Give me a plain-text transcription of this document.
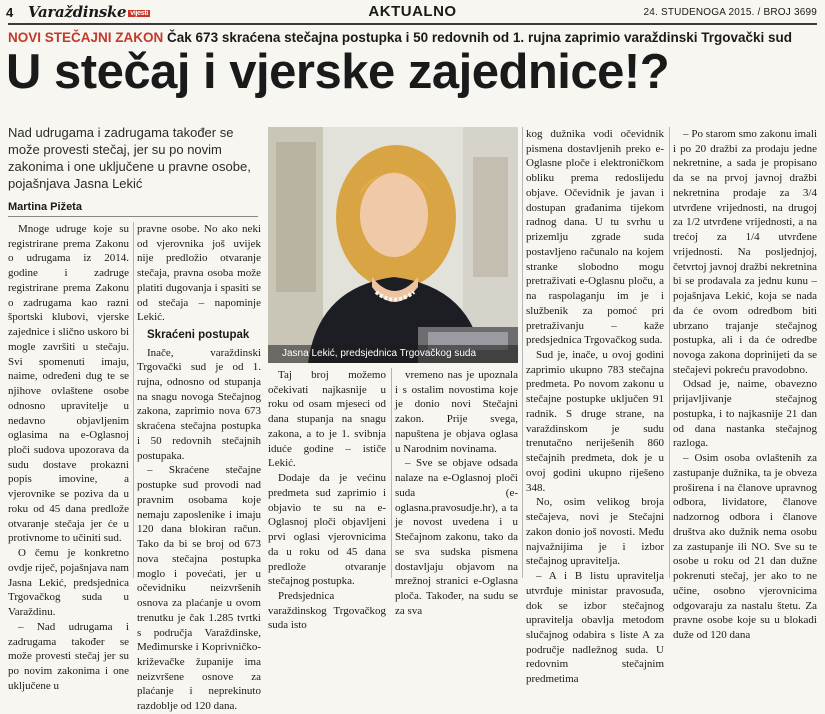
4 Varaždinske vijesti	AKTUALNO	24. STUDENOGA 2015. / BROJ 3699
NOVI STEČAJNI ZAKON Čak 673 skraćena stečajna postupka i 50 redovnih od 1. rujna zaprimio varaždinski Trgovački sud
U stečaj i vjerske zajednice!?
Nad udrugama i zadrugama također se može provesti stečaj, jer su po novim zakonima i one uključene u pravne osobe, pojašnjava Jasna Lekić
Martina Pižeta

Mnoge udruge koje su registrirane prema Zakonu o udrugama iz 2014. godine i zadruge registrirane prema Zakonu o zadrugama kao razni športski klubovi, vjerske zajednice i slično uskoro bi mogle završiti u stečaju. Svi spomenuti imaju, naime, određeni dug te se njihove ovlaštene osobe odnosno upravitelje u nedavno objavljenim oglasima na e-Oglasnoj ploči sudova upozorava da sudu dostave prokazni popis imovine, a vjerovnike se poziva da u roku od 45 dana predlože otvaranje stečaja jer će u protivnome to učiniti sud.

O čemu je konkretno ovdje riječ, pojašnjava nam Jasna Lekić, predsjednica Trgovačkog suda u Varaždinu.

– Nad udrugama i zadrugama također se može provesti stečaj jer su po novim zakonima i one uključene u

pravne osobe. No ako neki od vjerovnika još uvijek nije predložio otvaranje stečaja, pravna osoba može platiti dugovanja i spasiti se od stečaja – napominje Lekić.

Skraćeni postupak

Inače, varaždinski Trgovački sud je od 1. rujna, odnosno od stupanja na snagu novoga Stečajnog zakona, zaprimio nova 673 skraćena stečajna postupka i 50 redovnih stečajnih postupaka.

– Skraćene stečajne postupke sud provodi nad pravnim osobama koje nemaju zaposlenike i imaju 120 dana blokiran račun. Tako da bi se broj od 673 nova stečajna postupka moglo i povećati, jer u očevidniku neizvršenih osnova za plaćanje u ovom trenutku je čak 1.285 tvrtki s područja Varaždinske, Međimurske i Koprivničko-križevačke županije ima neizvršene osnove za plaćanje i neprekinuto razdoblje od 120 dana.

Jasna Lekić, predsjednica Trgovačkog suda

Taj broj možemo očekivati najkasnije u roku od osam mjeseci od dana stupanja na snagu zakona, a to je 1. svibnja iduće godine – ističe Lekić.

Dodaje da je većinu predmeta sud zaprimio i objavio te su na e-Oglasnoj ploči objavljeni prvi oglasi vjerovnicima da u roku od 45 dana predlože otvaranje stečajnog postupka.

Predsjednica varaždinskog Trgovačkog suda isto

vremeno nas je upoznala i s ostalim novostima koje je donio novi Stečajni zakon. Prije svega, napuštena je objava oglasa u Narodnim novinama.

– Sve se objave odsada nalaze na e-Oglasnoj ploči suda (e-oglasna.pravosudje.hr), a ta je novost uvedena i u Stečajnom zakonu, tako da se sva sudska pismena dostavljaju objavom na mrežnoj stranici e-Oglasna ploča. Također, na sudu se za sva

kog dužnika vodi očevidnik pismena dostavljenih preko e-Oglasne ploče i elektroničkom obliku prema redoslijedu objave. Očevidnik je javan i dostupan građanima tijekom radnog dana. U tu svrhu u prizemlju zgrade suda postavljeno računalo na kojem stranke slobodno mogu pretraživati e-Oglasnu ploču, a na raspolaganju im je i službenik za pomoć pri pretraživanju – kaže predsjednica Trgovačkog suda.

Sud je, inače, u ovoj godini zaprimio ukupno 783 stečajna predmeta. Po novom zakonu u stečajne postupke uključen 91 radnik. S druge strane, na varaždinskom je sudu trenutačno neriješenih 860 stečajnih predmeta, dok je u ovoj godini ukupno riješeno 348.

No, osim velikog broja stečajeva, novi je Stečajni zakon donio još novosti. Među najvažnijima je i izbor stečajnog upravitelja.

– A i B listu upravitelja utvrđuje ministar pravosuđa, dok se izbor stečajnog upravitelja obavlja metodom slučajnog odabira s liste A za područje nadležnog suda. U redovnim stečajnim predmetima

– Po starom smo zakonu imali i po 20 dražbi za prodaju jedne nekretnine, a sada je propisano da se na prvoj javnoj dražbi nekretnina prodaje za 3/4 utvrđene vrijednosti, na drugoj za 1/2 utvrđene vrijednosti, a na trećoj za 1/4 utvrđene vrijednosti. Na posljednjoj, četvrtoj javnoj dražbi nekretnina bi se prodavala za jednu kunu – pojašnjava Lekić, koja se nada da će ovom odredbom biti ubrzano trajanje stečajnog postupka, ali i da će odredbe novoga zakona doprinijeti da se stečajevi pokreću pravodobno.

Odsad je, naime, obavezno prijavljivanje stečajnog postupka, i to najkasnije 21 dan od dana nastanka stečajnog razloga.

– Osim osoba ovlaštenih za zastupanje dužnika, ta je obveza proširena i na članove upravnog odbora, lividatore, članove nadzornog odbora i članove društva ako dužnik nema osobu za zastupanje ili NO. Sve su te osobe u roku od 21 dan dužne pokrenuti stečaj, jer ako to ne učine, osobno vjerovnicima odgovaraju za nastalu štetu. Za pravne osobe koje su u blokadi duže od 120 dana
